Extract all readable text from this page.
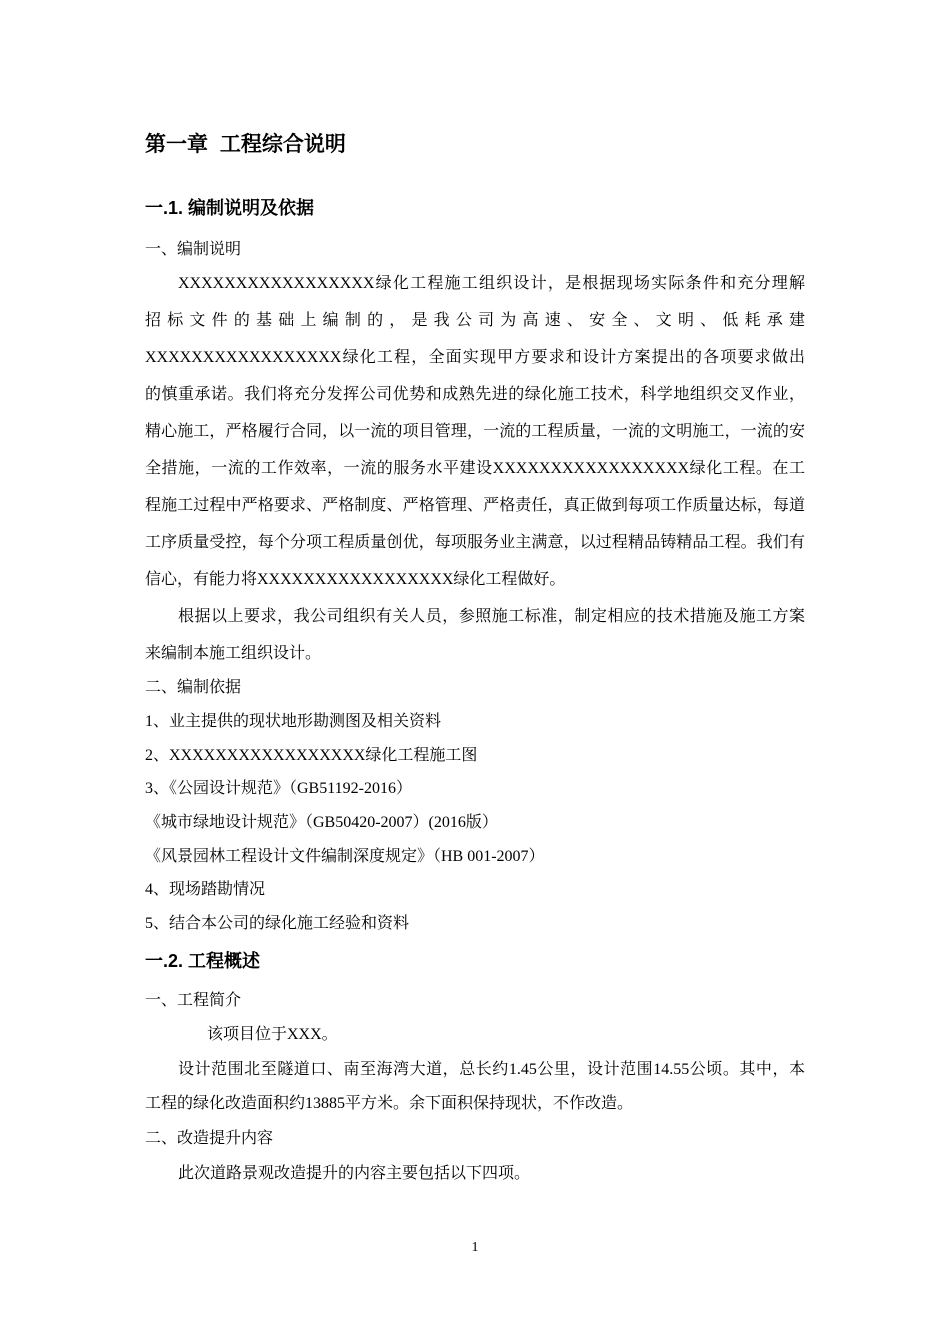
第一章 工程综合说明
一.1. 编制说明及依据
一、编制说明
XXXXXXXXXXXXXXXXX绿化工程施工组织设计，是根据现场实际条件和充分理解
招标文件的基础上编制的，是我公司为高速、安全、文明、低耗承建
XXXXXXXXXXXXXXXXX绿化工程，全面实现甲方要求和设计方案提出的各项要求做出
的慎重承诺。我们将充分发挥公司优势和成熟先进的绿化施工技术，科学地组织交叉作业，
精心施工，严格履行合同，以一流的项目管理，一流的工程质量，一流的文明施工，一流的安
全措施，一流的工作效率，一流的服务水平建设XXXXXXXXXXXXXXXXX绿化工程。在工
程施工过程中严格要求、严格制度、严格管理、严格责任，真正做到每项工作质量达标，每道
工序质量受控，每个分项工程质量创优，每项服务业主满意，以过程精品铸精品工程。我们有
信心，有能力将XXXXXXXXXXXXXXXXX绿化工程做好。
根据以上要求，我公司组织有关人员，参照施工标准，制定相应的技术措施及施工方案
来编制本施工组织设计。
二、编制依据
1、业主提供的现状地形勘测图及相关资料
2、XXXXXXXXXXXXXXXXX绿化工程施工图
3、《公园设计规范》（GB51192-2016）
《城市绿地设计规范》（GB50420-2007）(2016版）
《风景园林工程设计文件编制深度规定》（HB 001-2007）
4、现场踏勘情况
5、结合本公司的绿化施工经验和资料
一.2. 工程概述
一、工程简介
该项目位于XXX。
设计范围北至隧道口、南至海湾大道，总长约1.45公里，设计范围14.55公顷。其中，本
工程的绿化改造面积约13885平方米。余下面积保持现状，不作改造。
二、改造提升内容
此次道路景观改造提升的内容主要包括以下四项。
1
